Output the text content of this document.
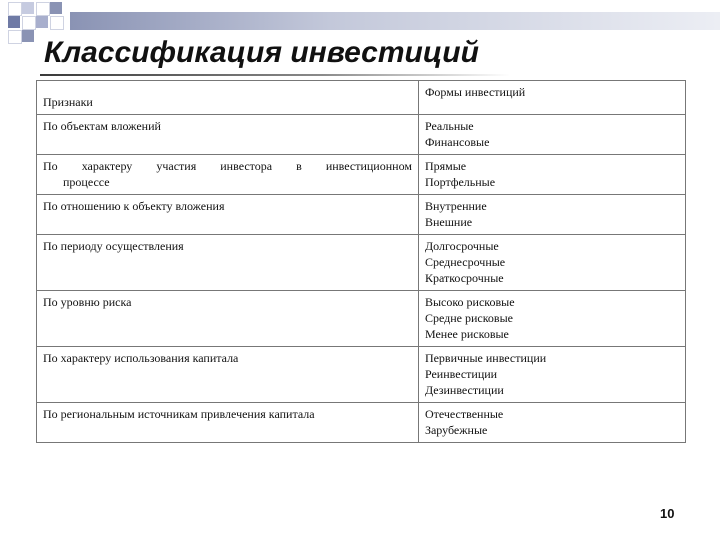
Классификация инвестиций
Признаки	Формы инвестиций

По объектам вложений	Реальные
Финансовые

По характеру участия инвестора в инвестиционном
процессе	Прямые
Портфельные

По отношению к объекту вложения	Внутренние
Внешние

По периоду осуществления	Долгосрочные
Среднесрочные
Краткосрочные

По уровню риска	Высоко рисковые
Средне рисковые
Менее рисковые

По характеру использования капитала	Первичные инвестиции
Реинвестиции
Дезинвестиции

По региональным источникам привлечения капитала	Отечественные
Зарубежные
10
